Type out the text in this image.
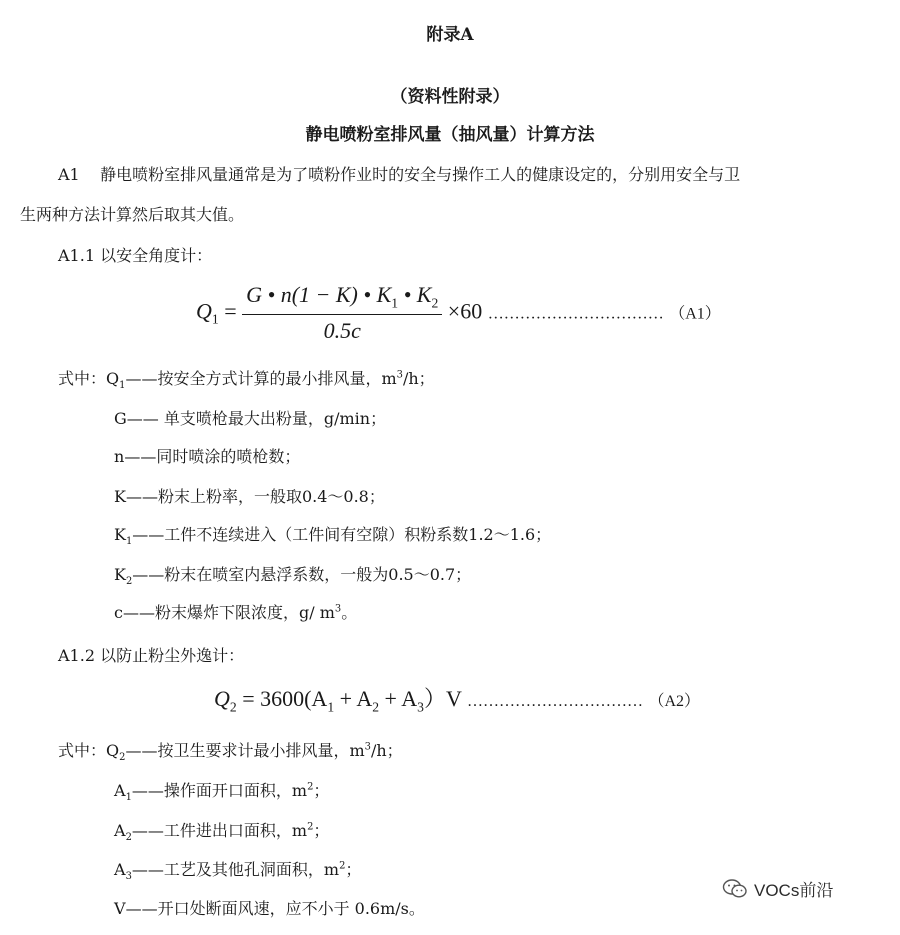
附录A
（资料性附录）
静电喷粉室排风量（抽风量）计算方法
A1 静电喷粉室排风量通常是为了喷粉作业时的安全与操作工人的健康设定的，分别用安全与卫
生两种方法计算然后取其大值。
A1.1 以安全角度计：
$Q_1 = \frac{G • n(1 - K) • K_1 • K_2}{0.5c} \times 60$ …………………………… （A1）
式中：$Q_1——$按安全方式计算的最小排风量，$m^3/h$；
G—— 单支喷枪最大出粉量，g/min；
n——同时喷涂的喷枪数；
K——粉末上粉率，一般取0.4～0.8；
$K_1——$工件不连续进入（工件间有空隙）积粉系数1.2～1.6；
$K_2——$粉末在喷室内悬浮系数，一般为0.5～0.7；
c——粉末爆炸下限浓度，g/ $m^3$。
A1.2 以防止粉尘外逸计：
$Q_2 = 3600(A_1 + A_2 + A_3)V$ …………………………… （A2）
式中：$Q_2——$按卫生要求计最小排风量，$m^3/h$；
$A_1——$操作面开口面积，$m^2$；
$A_2——$工件进出口面积，$m^2$；
$A_3——$工艺及其他孔洞面积，$m^2$；
V——开口处断面风速，应不小于 0.6m/s。
VOCs前沿
